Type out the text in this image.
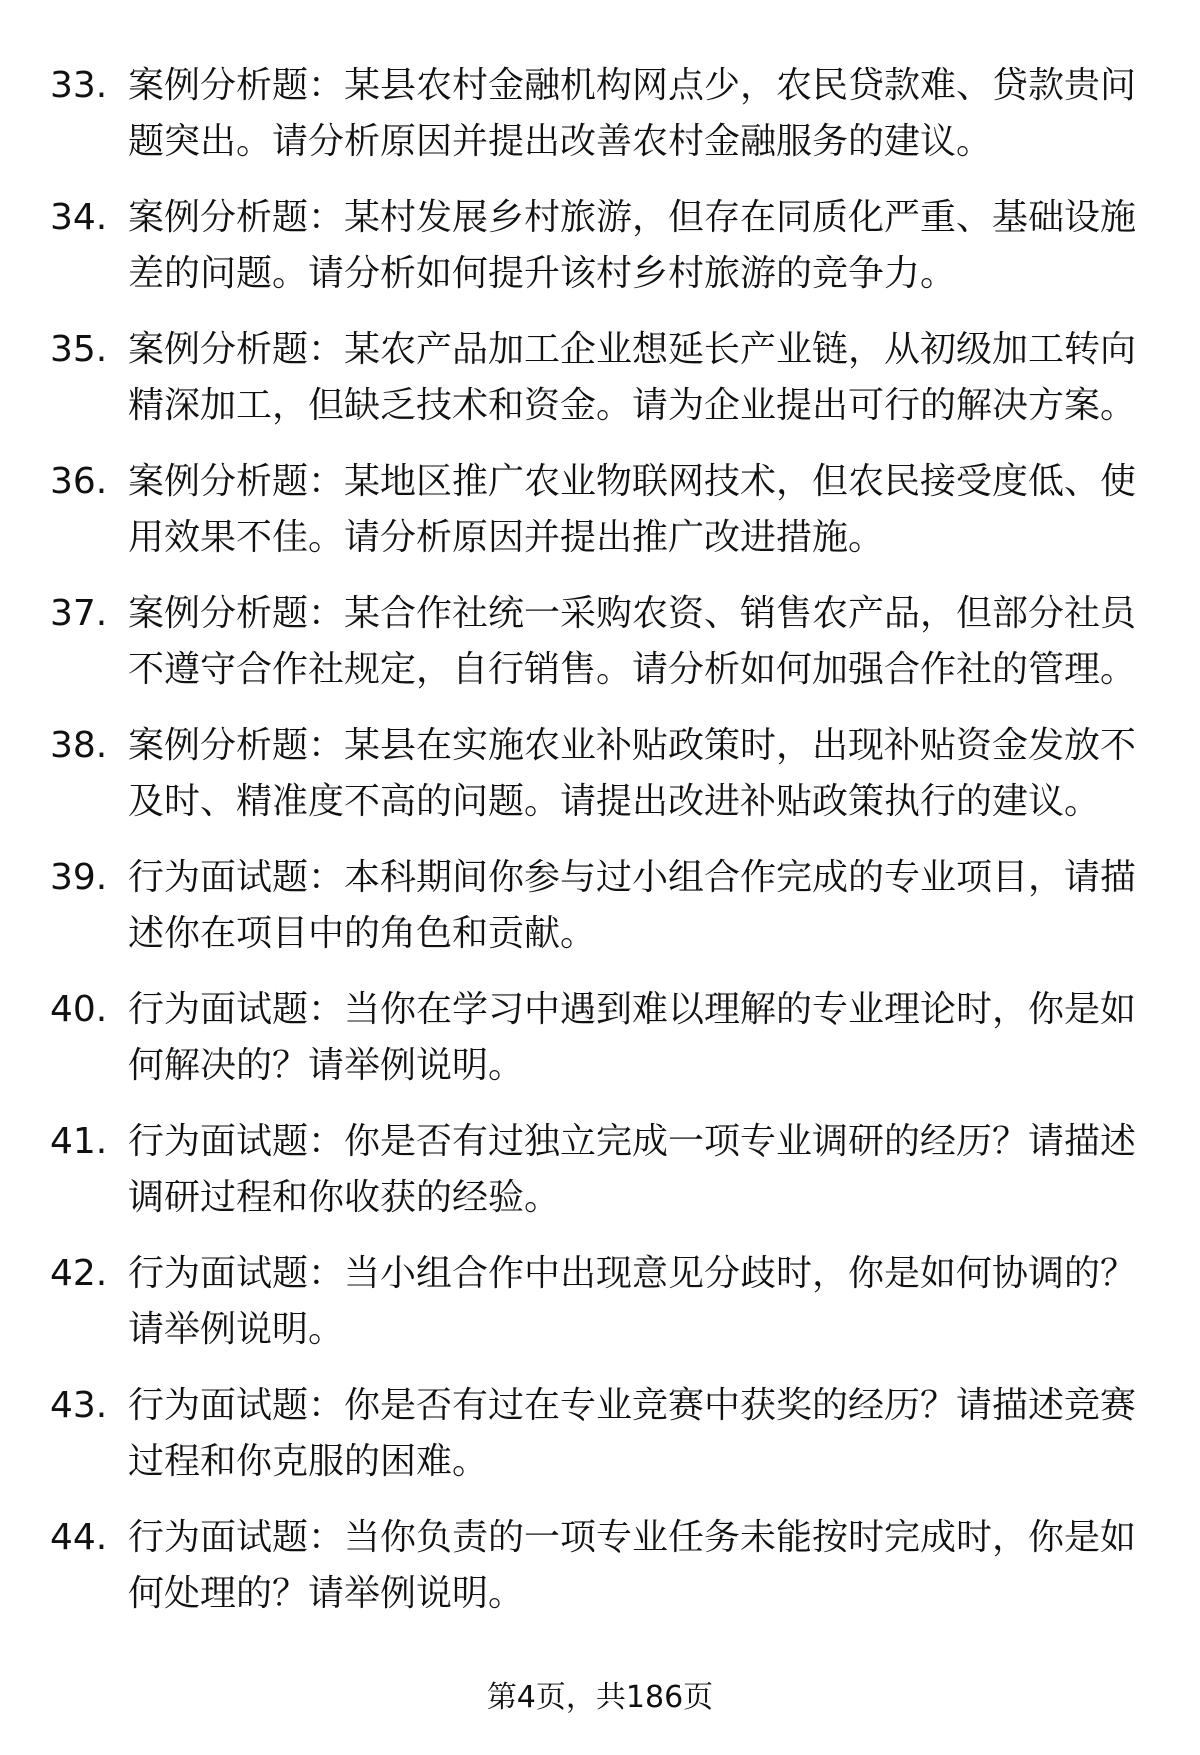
33. 案例分析题：某县农村金融机构网点少，农民贷款难、贷款贵问题突出。请分析原因并提出改善农村金融服务的建议。
34. 案例分析题：某村发展乡村旅游，但存在同质化严重、基础设施差的问题。请分析如何提升该村乡村旅游的竞争力。
35. 案例分析题：某农产品加工企业想延长产业链，从初级加工转向精深加工，但缺乏技术和资金。请为企业提出可行的解决方案。
36. 案例分析题：某地区推广农业物联网技术，但农民接受度低、使用效果不佳。请分析原因并提出推广改进措施。
37. 案例分析题：某合作社统一采购农资、销售农产品，但部分社员不遵守合作社规定，自行销售。请分析如何加强合作社的管理。
38. 案例分析题：某县在实施农业补贴政策时，出现补贴资金发放不及时、精准度不高的问题。请提出改进补贴政策执行的建议。
39. 行为面试题：本科期间你参与过小组合作完成的专业项目，请描述你在项目中的角色和贡献。
40. 行为面试题：当你在学习中遇到难以理解的专业理论时，你是如何解决的？请举例说明。
41. 行为面试题：你是否有过独立完成一项专业调研的经历？请描述调研过程和你收获的经验。
42. 行为面试题：当小组合作中出现意见分歧时，你是如何协调的？请举例说明。
43. 行为面试题：你是否有过在专业竞赛中获奖的经历？请描述竞赛过程和你克服的困难。
44. 行为面试题：当你负责的一项专业任务未能按时完成时，你是如何处理的？请举例说明。
第4页，共186页
